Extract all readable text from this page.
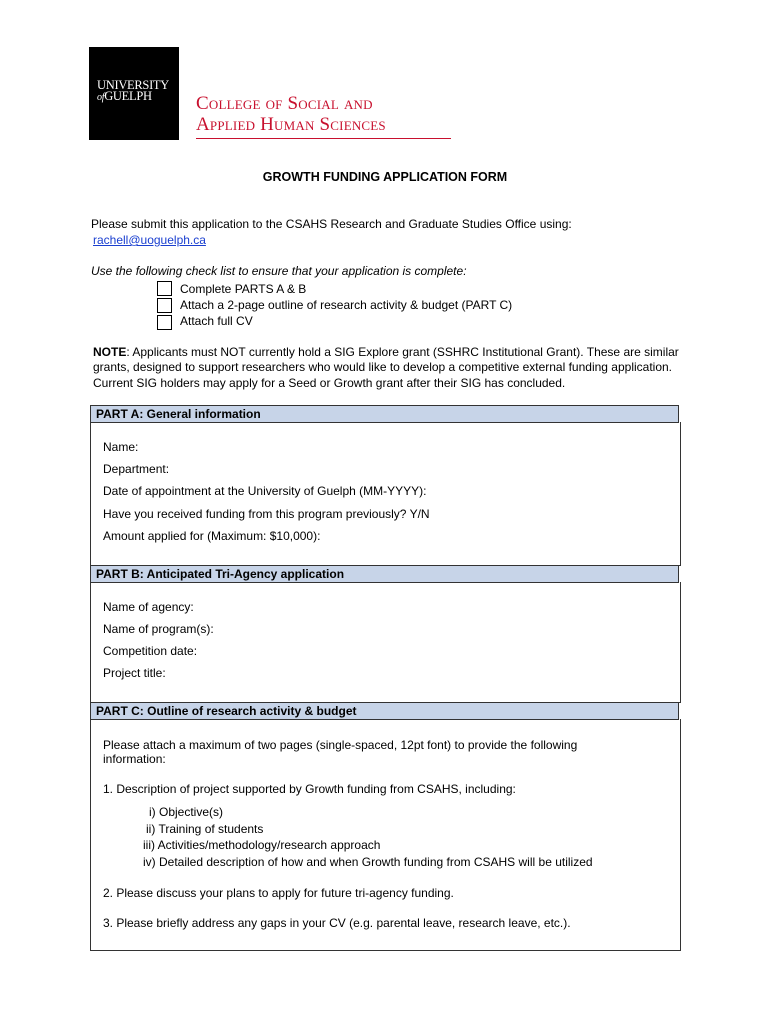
UNIVERSITY
ofGUELPH College of Social and
Applied Human Sciences
GROWTH FUNDING APPLICATION FORM
Please submit this application to the CSAHS Research and Graduate Studies Office using:
rachell@uoguelph.ca
Use the following check list to ensure that your application is complete:
Complete PARTS A & B
Attach a 2-page outline of research activity & budget (PART C)
Attach full CV
NOTE: Applicants must NOT currently hold a SIG Explore grant (SSHRC Institutional Grant). These are similar grants, designed to support researchers who would like to develop a competitive external funding application. Current SIG holders may apply for a Seed or Growth grant after their SIG has concluded.
PART A: General information
Name:
Department:
Date of appointment at the University of Guelph (MM-YYYY):
Have you received funding from this program previously? Y/N
Amount applied for (Maximum: $10,000):
PART B: Anticipated Tri-Agency application
Name of agency:
Name of program(s):
Competition date:
Project title:
PART C: Outline of research activity & budget
Please attach a maximum of two pages (single-spaced, 12pt font) to provide the following
information:
1. Description of project supported by Growth funding from CSAHS, including:
i) Objective(s)
ii) Training of students
iii) Activities/methodology/research approach
iv) Detailed description of how and when Growth funding from CSAHS will be utilized
2. Please discuss your plans to apply for future tri-agency funding.
3. Please briefly address any gaps in your CV (e.g. parental leave, research leave, etc.).
